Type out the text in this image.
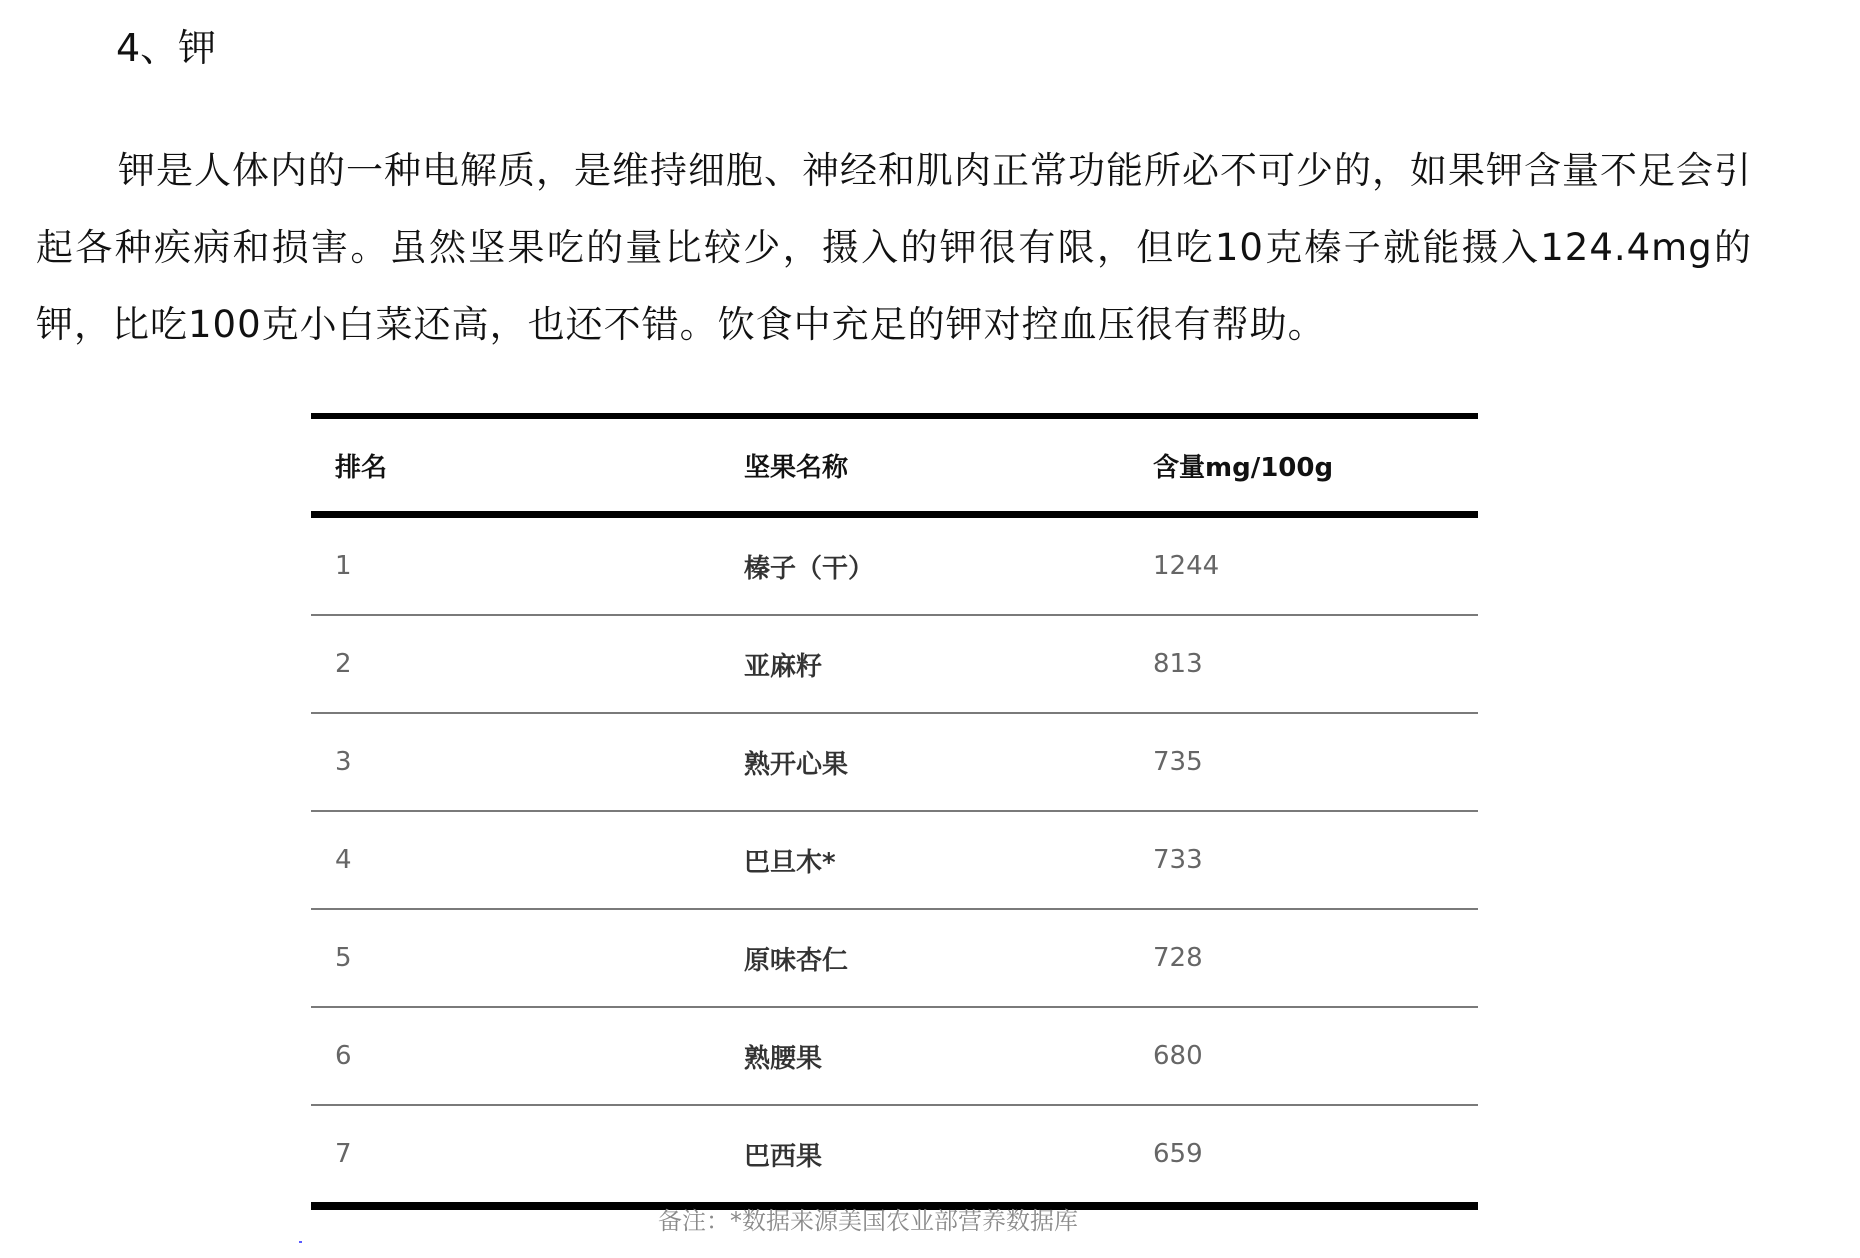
4、钾

钾是人体内的一种电解质，是维持细胞、神经和肌肉正常功能所必不可少的，如果钾含量不足会引起各种疾病和损害。虽然坚果吃的量比较少，摄入的钾很有限，但吃10克榛子就能摄入124.4mg的钾，比吃100克小白菜还高，也还不错。饮食中充足的钾对控血压很有帮助。

排名	坚果名称	含量mg/100g
1	榛子（干）	1244
2	亚麻籽	813
3	熟开心果	735
4	巴旦木*	733
5	原味杏仁	728
6	熟腰果	680
7	巴西果	659

备注：*数据来源美国农业部营养数据库
